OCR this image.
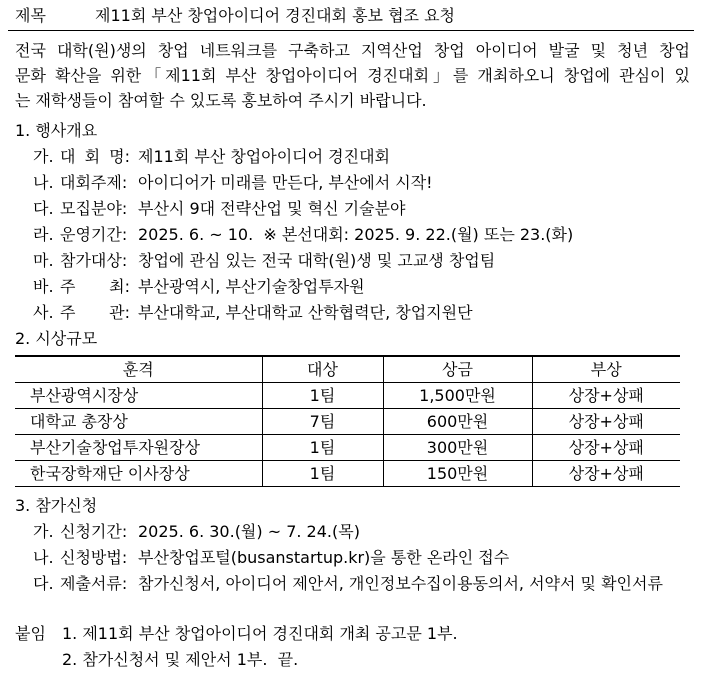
제목	제11회 부산 창업아이디어 경진대회 홍보 협조 요청
전국 대학(원)생의 창업 네트워크를 구축하고 지역산업 창업 아이디어 발굴 및 청년 창업
문화 확산을 위한「제11회 부산 창업아이디어 경진대회」를 개최하오니 창업에 관심이 있
는 재학생들이 참여할 수 있도록 홍보하여 주시기 바랍니다.
1. 행사개요
가. 대 회 명: 제11회 부산 창업아이디어 경진대회
나. 대회주제: 아이디어가 미래를 만든다, 부산에서 시작!
다. 모집분야: 부산시 9대 전략산업 및 혁신 기술분야
라. 운영기간: 2025. 6. ~ 10.  ※ 본선대회: 2025. 9. 22.(월) 또는 23.(화)
마. 참가대상: 창업에 관심 있는 전국 대학(원)생 및 고교생 창업팀
바. 주 최: 부산광역시, 부산기술창업투자원
사. 주 관: 부산대학교, 부산대학교 산학협력단, 창업지원단
2. 시상규모
훈격	대상	상금	부상
부산광역시장상	1팀	1,500만원	상장+상패
대학교 총장상	7팀	600만원	상장+상패
부산기술창업투자원장상	1팀	300만원	상장+상패
한국장학재단 이사장상	1팀	150만원	상장+상패
3. 참가신청
가. 신청기간: 2025. 6. 30.(월) ~ 7. 24.(목)
나. 신청방법: 부산창업포털(busanstartup.kr)을 통한 온라인 접수
다. 제출서류: 참가신청서, 아이디어 제안서, 개인정보수집이용동의서, 서약서 및 확인서류
붙임 1. 제11회 부산 창업아이디어 경진대회 개최 공고문 1부.
2. 참가신청서 및 제안서 1부.  끝.
